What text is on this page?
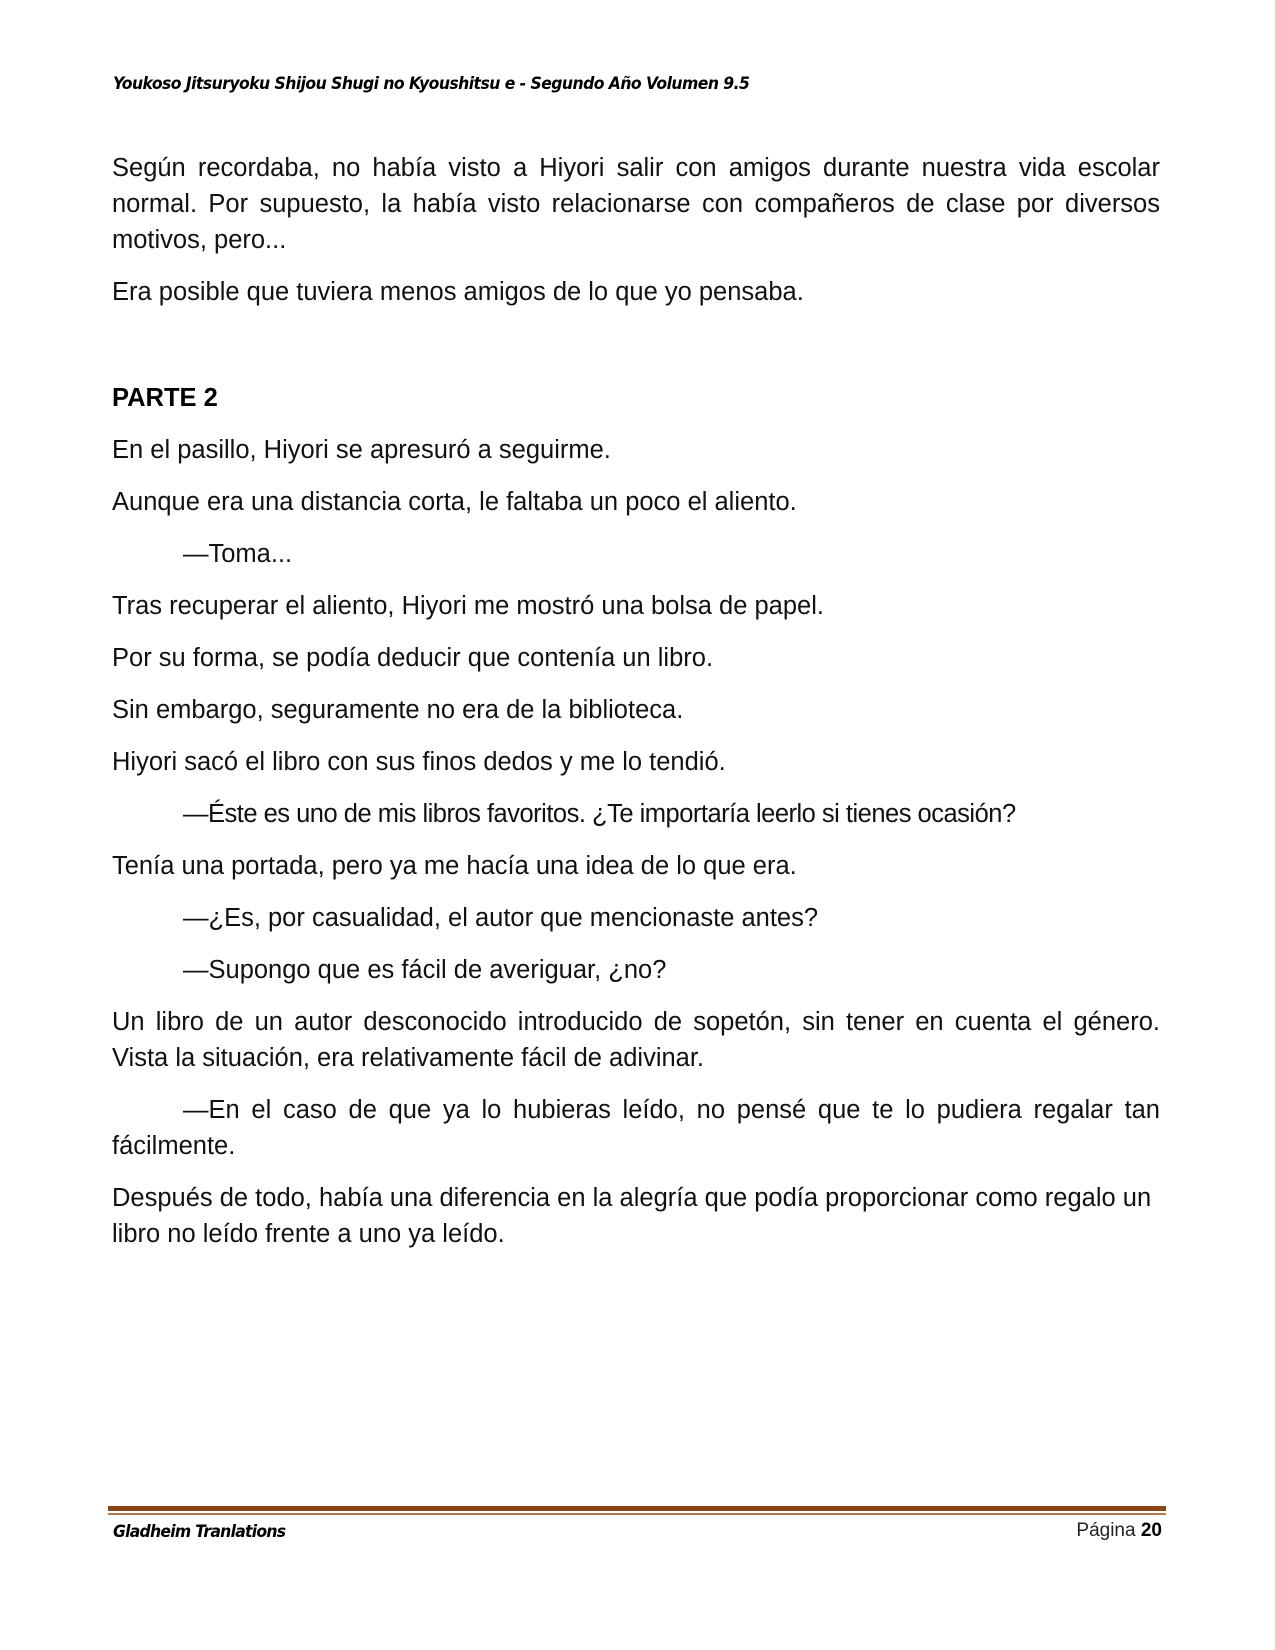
Youkoso Jitsuryoku Shijou Shugi no Kyoushitsu e - Segundo Año Volumen 9.5

Según recordaba, no había visto a Hiyori salir con amigos durante nuestra vida escolar normal. Por supuesto, la había visto relacionarse con compañeros de clase por diversos motivos, pero...

Era posible que tuviera menos amigos de lo que yo pensaba.

PARTE 2

En el pasillo, Hiyori se apresuró a seguirme.

Aunque era una distancia corta, le faltaba un poco el aliento.

—Toma...

Tras recuperar el aliento, Hiyori me mostró una bolsa de papel.

Por su forma, se podía deducir que contenía un libro.

Sin embargo, seguramente no era de la biblioteca.

Hiyori sacó el libro con sus finos dedos y me lo tendió.

—Éste es uno de mis libros favoritos. ¿Te importaría leerlo si tienes ocasión?

Tenía una portada, pero ya me hacía una idea de lo que era.

—¿Es, por casualidad, el autor que mencionaste antes?

—Supongo que es fácil de averiguar, ¿no?

Un libro de un autor desconocido introducido de sopetón, sin tener en cuenta el género. Vista la situación, era relativamente fácil de adivinar.

—En el caso de que ya lo hubieras leído, no pensé que te lo pudiera regalar tan fácilmente.

Después de todo, había una diferencia en la alegría que podía proporcionar como regalo un libro no leído frente a uno ya leído.

Gladheim Tranlations	Página 20
